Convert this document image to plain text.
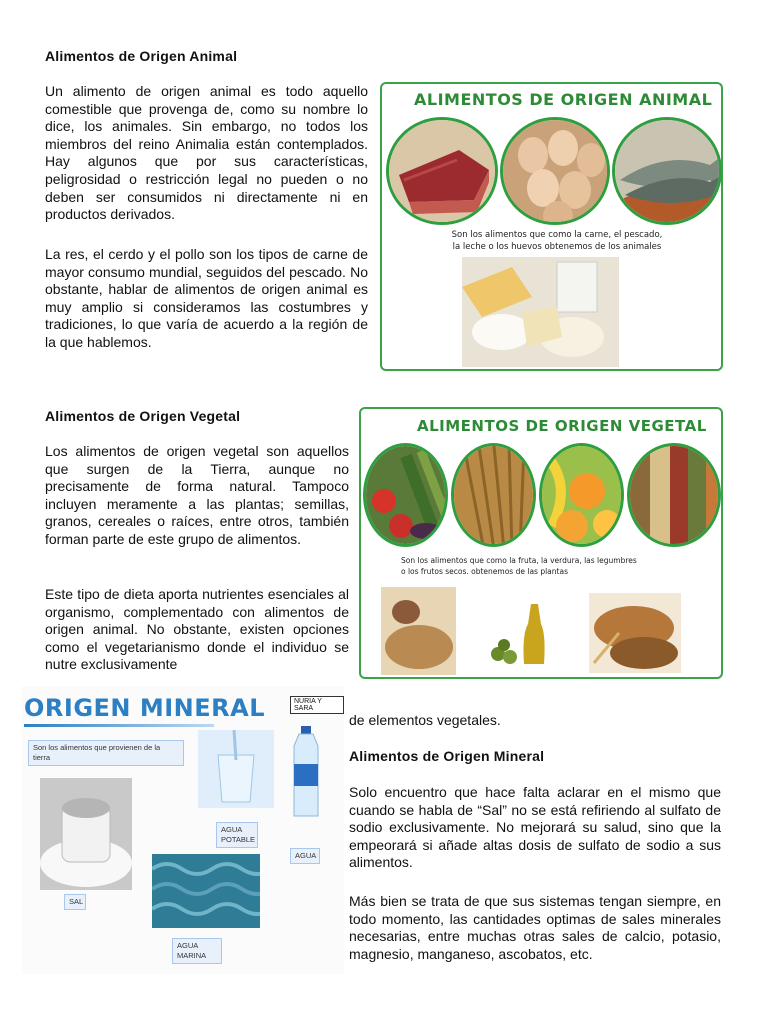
Alimentos de Origen Animal

Un alimento de origen animal es todo aquello comestible que provenga de, como su nombre lo dice, los animales. Sin embargo, no todos los miembros del reino Animalia están contemplados. Hay algunos que por sus características, peligrosidad o restricción legal no pueden o no deben ser consumidos ni directamente ni en productos derivados.

La res, el cerdo y el pollo son los tipos de carne de mayor consumo mundial, seguidos del pescado. No obstante, hablar de alimentos de origen animal es muy amplio si consideramos las costumbres y tradiciones, lo que varía de acuerdo a la región de la que hablemos.

ALIMENTOS DE ORIGEN ANIMAL
Son los alimentos que como la carne, el pescado,
la leche o los huevos obtenemos de los animales
Alimentos de Origen Vegetal

Los alimentos de origen vegetal son aquellos que surgen de la Tierra, aunque no precisamente de forma natural. Tampoco incluyen meramente a las plantas; semillas, granos, cereales o raíces, entre otros, también forman parte de este grupo de alimentos.

Este tipo de dieta aporta nutrientes esenciales al organismo, complementado con alimentos de origen animal. No obstante, existen opciones como el vegetarianismo donde el individuo se nutre exclusivamente

ALIMENTOS DE ORIGEN VEGETAL
Son los alimentos que como la fruta, la verdura, las legumbres
o los frutos secos. obtenemos de las plantas
ORIGEN MINERAL
Son los alimentos que provienen de la tierra
NURIA Y SARA
AGUA POTABLE
AGUA
SAL
AGUA MARINA

de elementos vegetales.

Alimentos de Origen Mineral

Solo encuentro que hace falta aclarar en el mismo que cuando se habla de “Sal” no se está refiriendo al sulfato de sodio exclusivamente. No mejorará su salud, sino que la empeorará si añade altas dosis de sulfato de sodio a sus alimentos.

Más bien se trata de que sus sistemas tengan siempre, en todo momento, las cantidades optimas de sales minerales necesarias, entre muchas otras sales de calcio, potasio, magnesio, manganeso, ascobatos, etc.
